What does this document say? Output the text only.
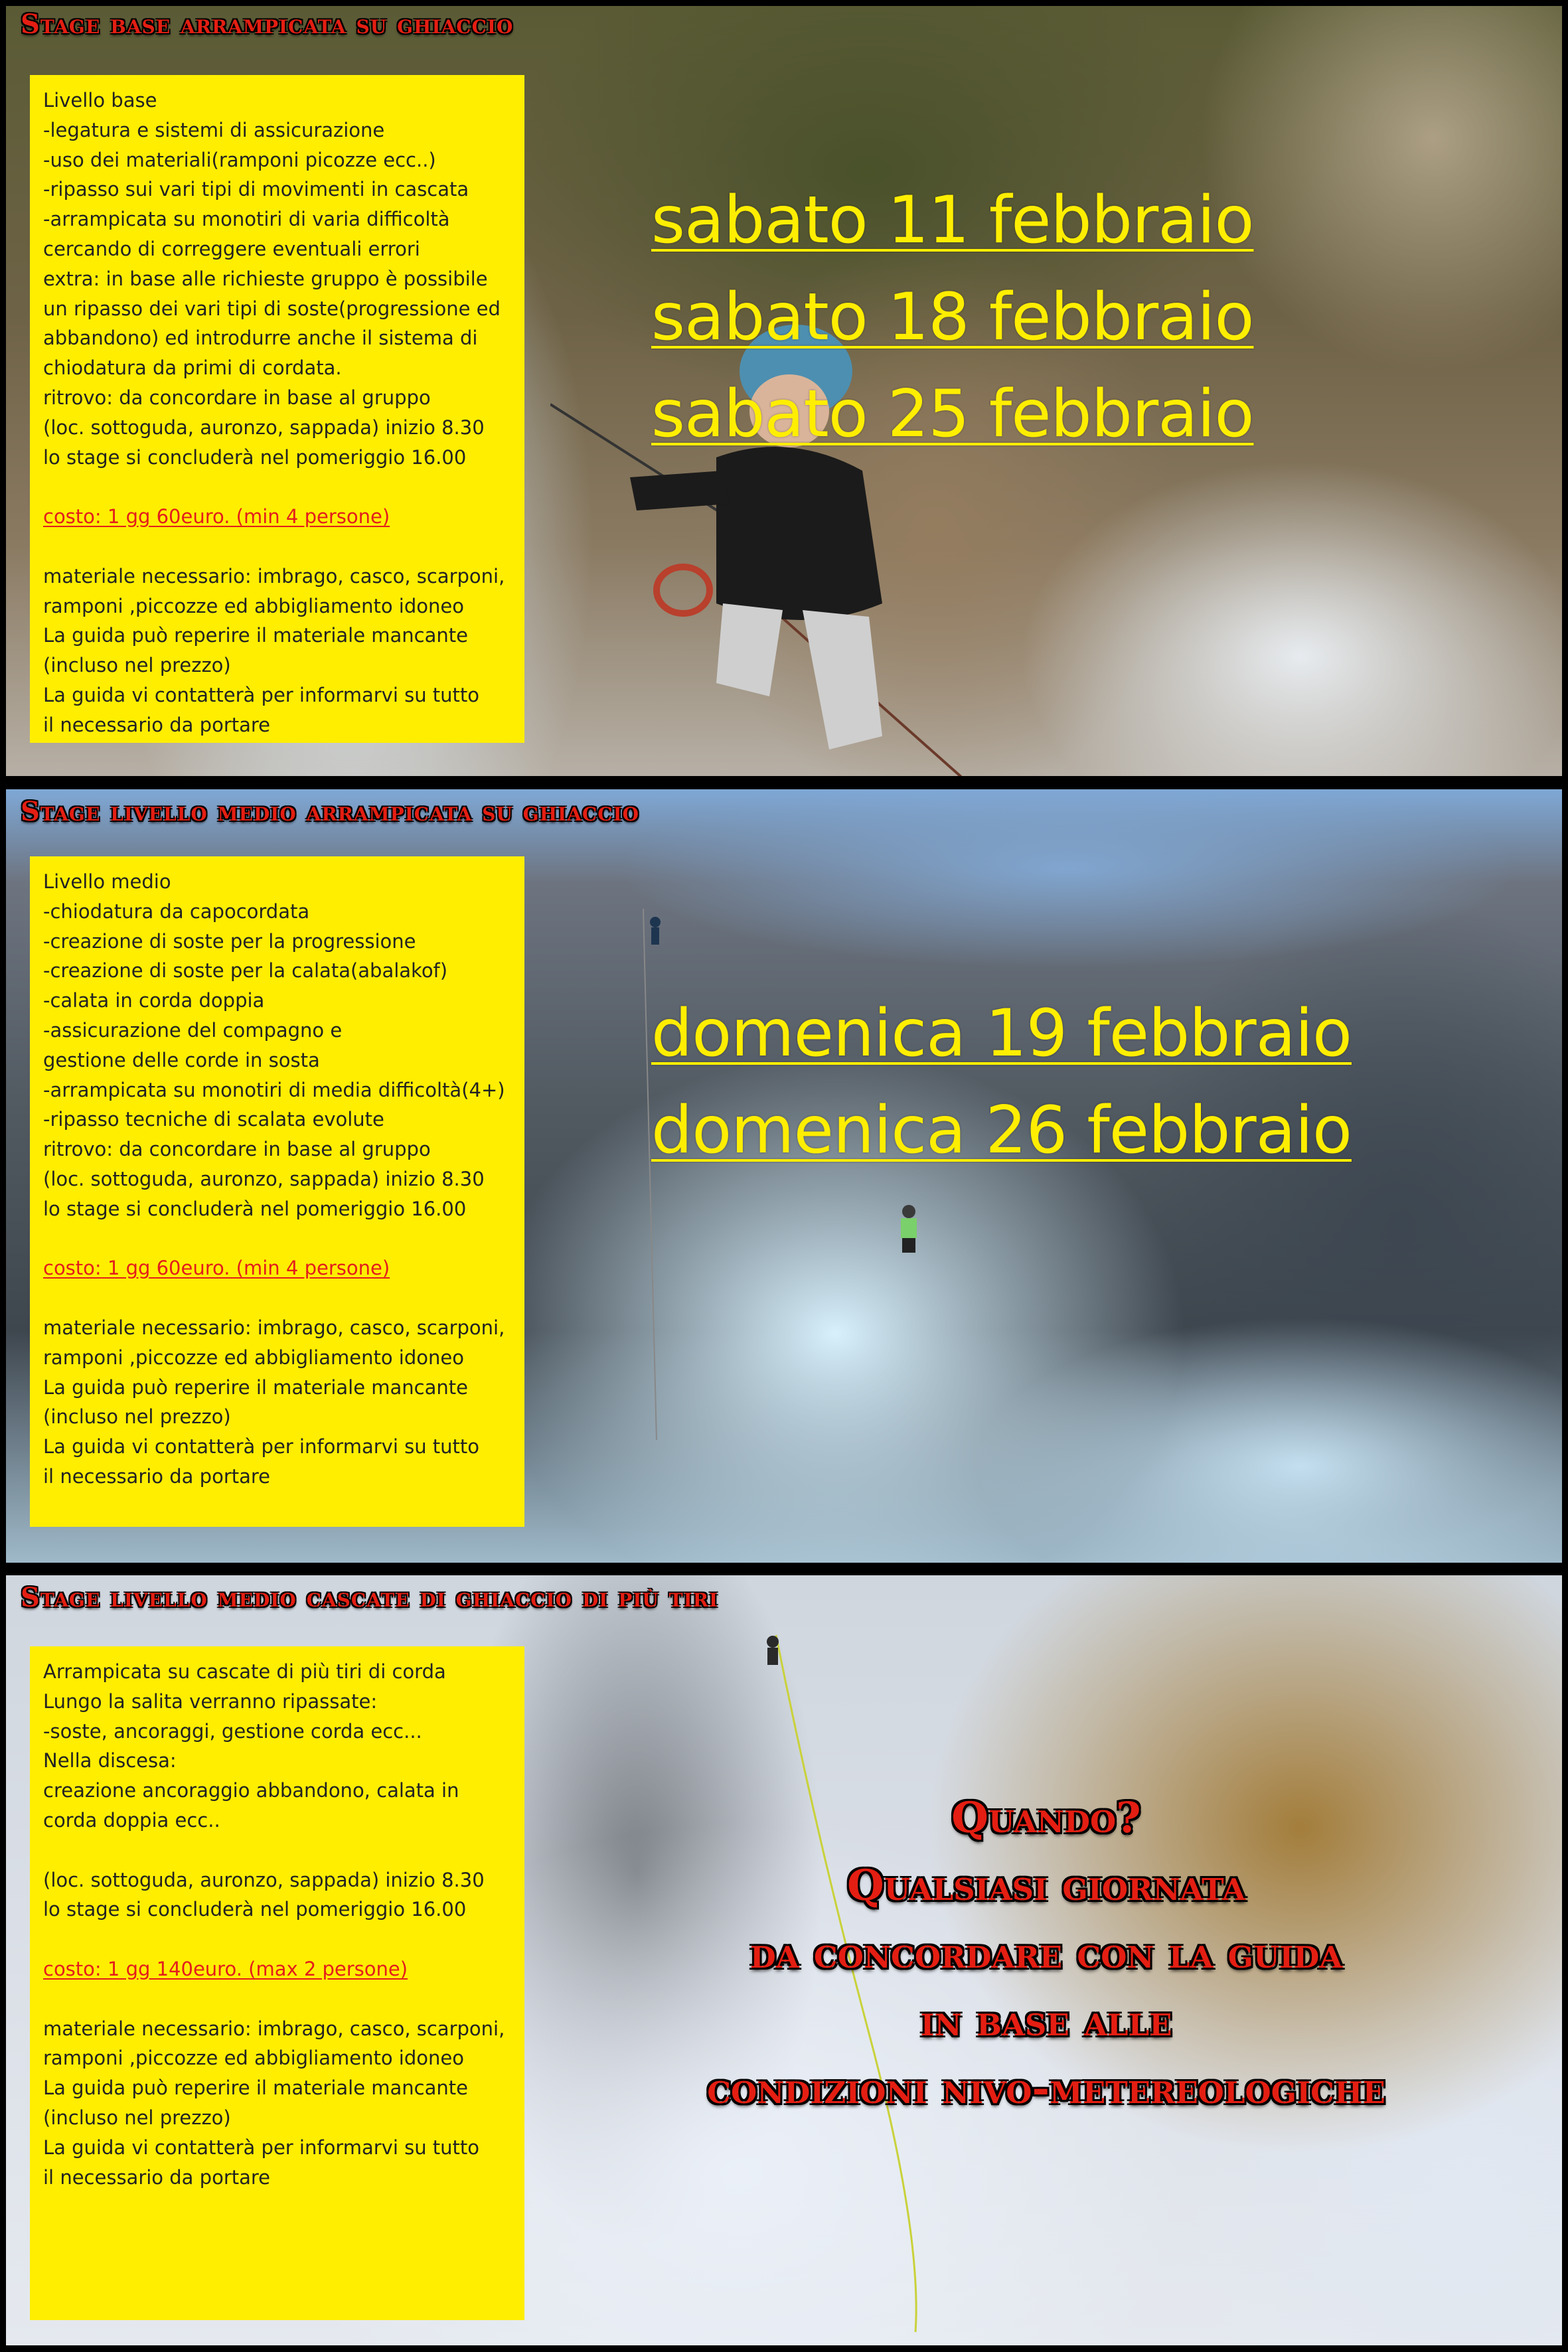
Stage base arrampicata su ghiaccio
Livello base
-legatura e sistemi di assicurazione
-uso dei materiali(ramponi picozze ecc..)
-ripasso sui vari tipi di movimenti in cascata
-arrampicata su monotiri di varia difficoltà
cercando di correggere eventuali errori
extra: in base alle richieste gruppo è possibile
un ripasso dei vari tipi di soste(progressione ed
abbandono) ed introdurre anche il sistema di
chiodatura da primi di cordata.
ritrovo: da concordare in base al gruppo
(loc. sottoguda, auronzo, sappada) inizio 8.30
lo stage si concluderà nel pomeriggio 16.00
costo: 1 gg 60euro. (min 4 persone)
materiale necessario: imbrago, casco, scarponi,
ramponi ,piccozze ed abbigliamento idoneo
La guida può reperire il materiale mancante
(incluso nel prezzo)
La guida vi contatterà per informarvi su tutto
il necessario da portare
sabato 11 febbraio
sabato 18 febbraio
sabato 25 febbraio
Stage livello medio arrampicata su ghiaccio
Livello medio
-chiodatura da capocordata
-creazione di soste per la progressione
-creazione di soste per la calata(abalakof)
-calata in corda doppia
-assicurazione del compagno e
gestione delle corde in sosta
-arrampicata su monotiri di media difficoltà(4+)
-ripasso tecniche di scalata evolute
ritrovo: da concordare in base al gruppo
(loc. sottoguda, auronzo, sappada) inizio 8.30
lo stage si concluderà nel pomeriggio 16.00
costo: 1 gg 60euro. (min 4 persone)
materiale necessario: imbrago, casco, scarponi,
ramponi ,piccozze ed abbigliamento idoneo
La guida può reperire il materiale mancante
(incluso nel prezzo)
La guida vi contatterà per informarvi su tutto
il necessario da portare
domenica 19 febbraio
domenica 26 febbraio
Stage livello medio cascate di ghiaccio di più tiri
Arrampicata su cascate di più tiri di corda
Lungo la salita verranno ripassate:
-soste, ancoraggi, gestione corda ecc...
Nella discesa:
creazione ancoraggio abbandono, calata in
corda doppia ecc..
(loc. sottoguda, auronzo, sappada) inizio 8.30
lo stage si concluderà nel pomeriggio 16.00
costo: 1 gg 140euro. (max 2 persone)
materiale necessario: imbrago, casco, scarponi,
ramponi ,piccozze ed abbigliamento idoneo
La guida può reperire il materiale mancante
(incluso nel prezzo)
La guida vi contatterà per informarvi su tutto
il necessario da portare
Quando?
Qualsiasi giornata
da concordare con la guida
in base alle
condizioni nivo-metereologiche
